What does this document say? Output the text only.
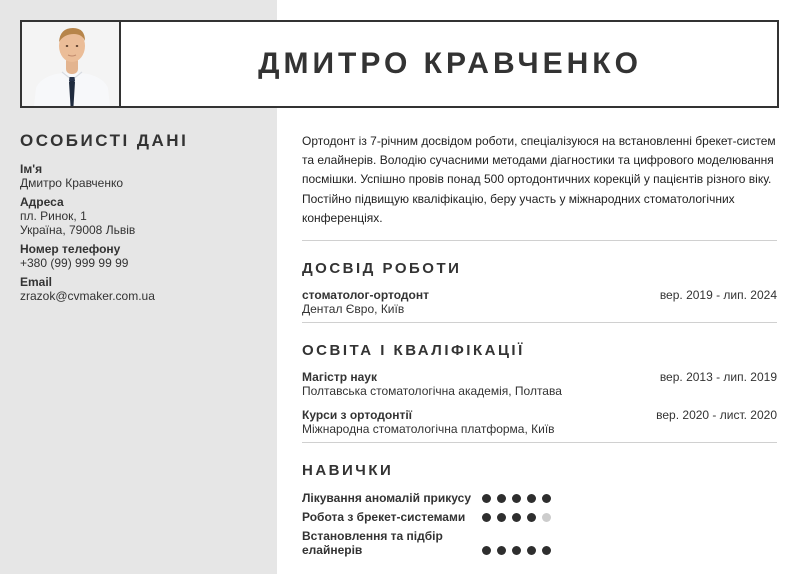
ДМИТРО КРАВЧЕНКО
ОСОБИСТІ ДАНІ
Ім'я
Дмитро Кравченко
Адреса
пл. Ринок, 1
Україна, 79008 Львів
Номер телефону
+380 (99) 999 99 99
Email
zrazok@cvmaker.com.ua
Ортодонт із 7-річним досвідом роботи, спеціалізуюся на встановленні брекет-систем та елайнерів. Володію сучасними методами діагностики та цифрового моделювання посмішки. Успішно провів понад 500 ортодонтичних корекцій у пацієнтів різного віку. Постійно підвищую кваліфікацію, беру участь у міжнародних стоматологічних конференціях.
ДОСВІД РОБОТИ
стоматолог-ортодонт
Дентал Євро, Київ
вер. 2019 - лип. 2024
ОСВІТА І КВАЛІФІКАЦІЇ
Магістр наук
Полтавська стоматологічна академія, Полтава
вер. 2013 - лип. 2019
Курси з ортодонтії
Міжнародна стоматологічна платформа, Київ
вер. 2020 - лист. 2020
НАВИЧКИ
Лікування аномалій прикусу
Робота з брекет-системами
Встановлення та підбір
елайнерів
